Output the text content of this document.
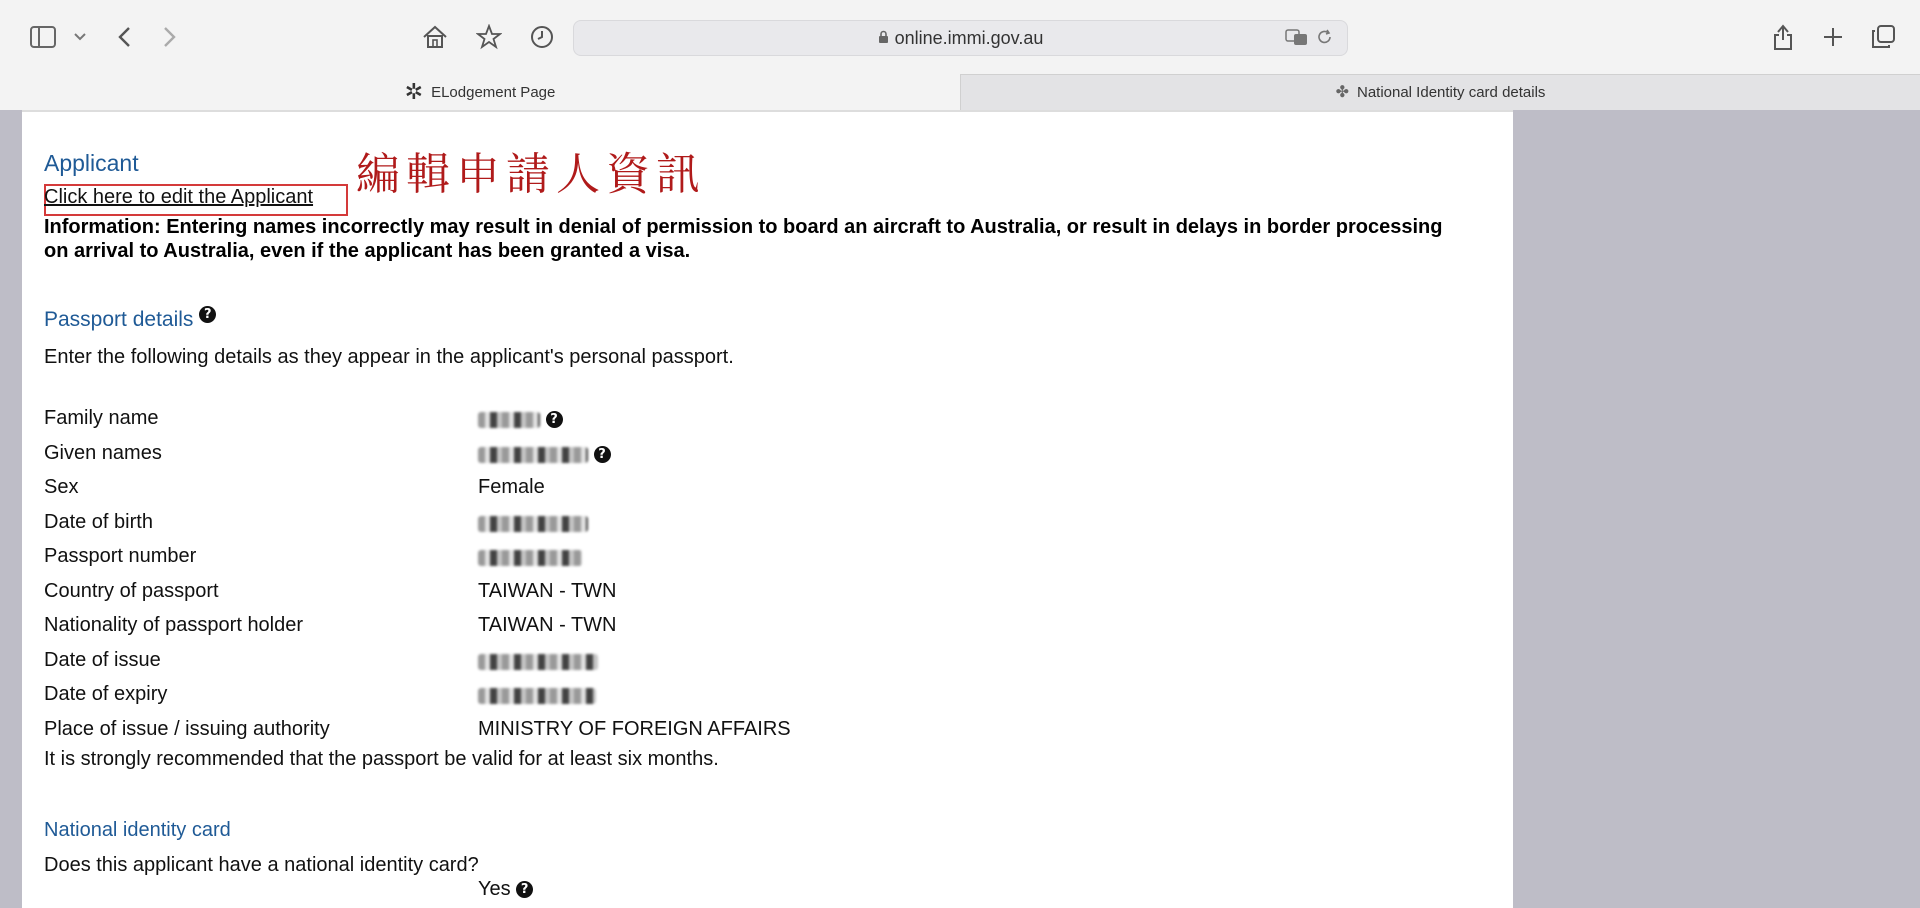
online.immi.gov.au
✲ ELodgement Page	✤ National Identity card details
Applicant
Click here to edit the Applicant
Information: Entering names incorrectly may result in denial of permission to board an aircraft to Australia, or result in delays in border processing on arrival to Australia, even if the applicant has been granted a visa.
Passport details ?
Enter the following details as they appear in the applicant's personal passport.
Family name	?
Given names	?
Sex	Female
Date of birth
Passport number
Country of passport	TAIWAN - TWN
Nationality of passport holder	TAIWAN - TWN
Date of issue
Date of expiry
Place of issue / issuing authority	MINISTRY OF FOREIGN AFFAIRS
It is strongly recommended that the passport be valid for at least six months.
National identity card
Does this applicant have a national identity card?
Yes ?
編輯申請人資訊
